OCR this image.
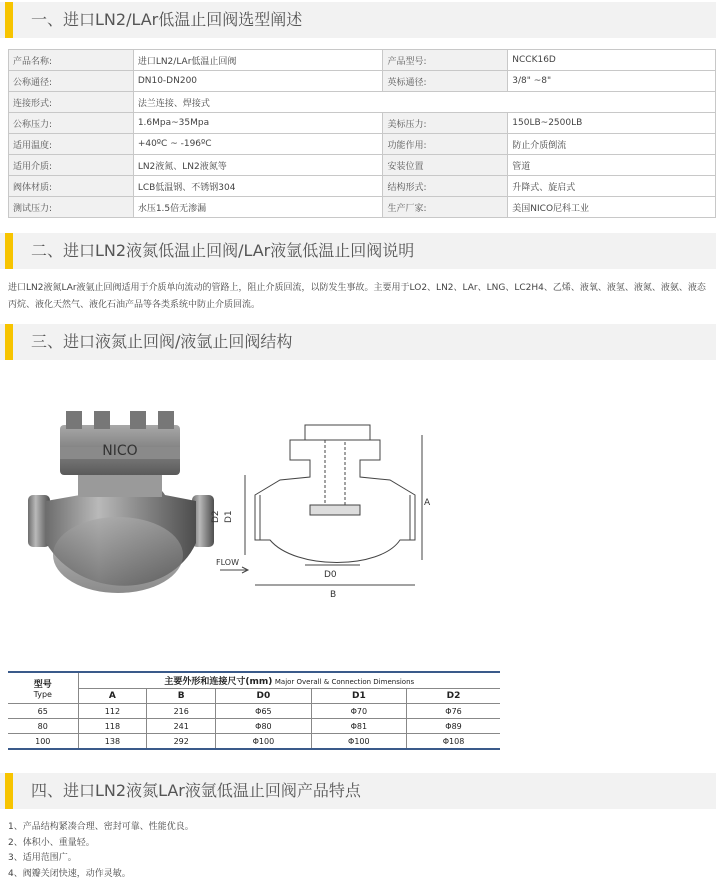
一、进口LN2/LAr低温止回阀选型阐述
产品名称:	进口LN2/LAr低温止回阀	产品型号:	NCCK16D
公称通径:	DN10-DN200	英标通径:	3/8" ~8"
连接形式:	法兰连接、焊接式		
公称压力:	1.6Mpa~35Mpa	美标压力:	150LB~2500LB
适用温度:	+40ºC ~ -196ºC	功能作用:	防止介质倒流
适用介质:	LN2液氮、LN2液氮等	安装位置	管道
阀体材质:	LCB低温钢、不锈钢304	结构形式:	升降式、旋启式
测试压力:	水压1.5倍无渗漏	生产厂家:	美国NICO尼科工业
二、进口LN2液氮低温止回阀/LAr液氩低温止回阀说明
进口LN2液氮LAr液氩止回阀适用于介质单向流动的管路上，阻止介质回流，以防发生事故。主要用于LO2、LN2、LAr、LNG、LC2H4、乙烯、液氧、液氢、液氮、液氨、液态丙烷、液化天然气、液化石油产品等各类系统中防止介质回流。
三、进口液氮止回阀/液氩止回阀结构
NICO
A
B
D0
D1
D2
FLOW
型号
Type	主要外形和连接尺寸(mm) Major Overall & Connection Dimensions				
	A	B	D0	D1	D2
65	112	216	Φ65	Φ70	Φ76
80	118	241	Φ80	Φ81	Φ89
100	138	292	Φ100	Φ100	Φ108
四、进口LN2液氮LAr液氩低温止回阀产品特点
1、产品结构紧凑合理、密封可靠、性能优良。
2、体积小、重量轻。
3、适用范围广。
4、阀瓣关闭快速，动作灵敏。
